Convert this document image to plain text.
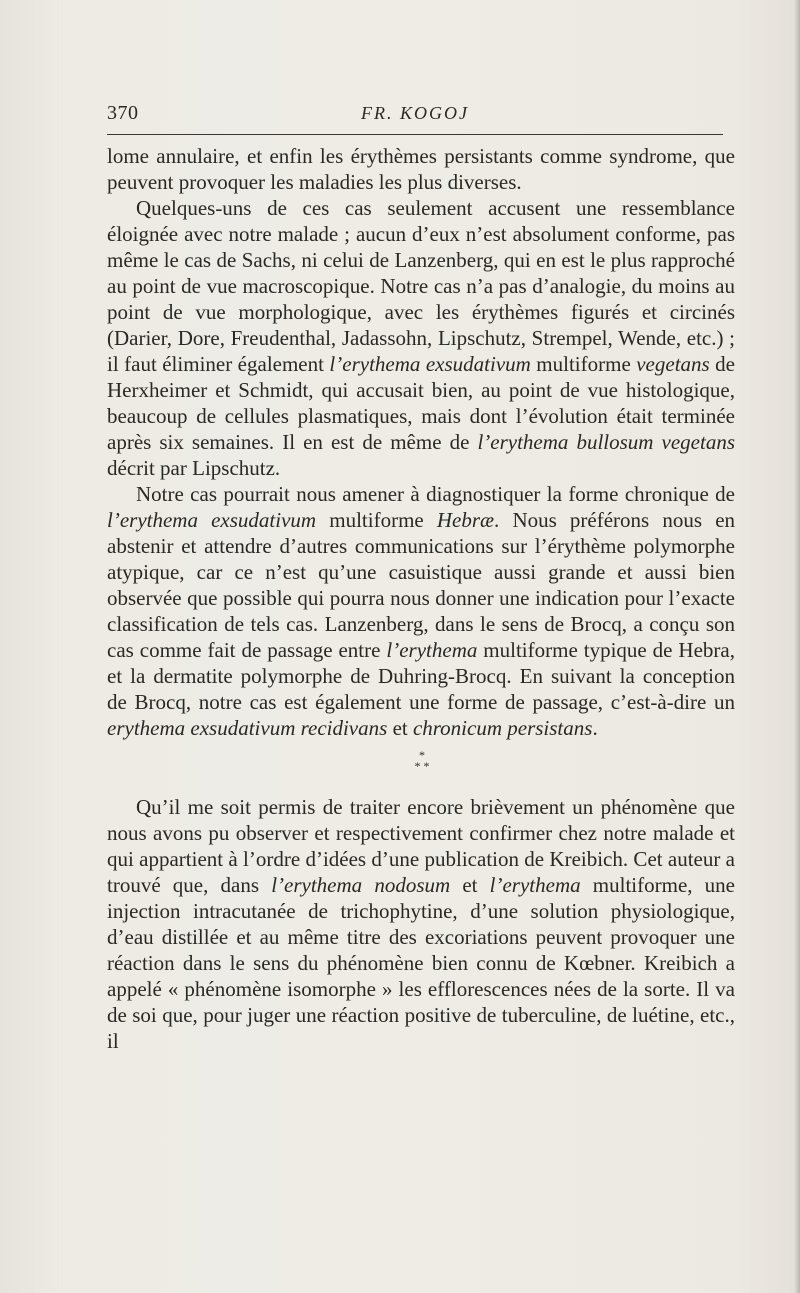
370	FR. KOGOJ

lome annulaire, et enfin les érythèmes persistants comme syndrome, que peuvent provoquer les maladies les plus diverses.

Quelques-uns de ces cas seulement accusent une ressemblance éloignée avec notre malade ; aucun d’eux n’est absolument conforme, pas même le cas de Sachs, ni celui de Lanzenberg, qui en est le plus rapproché au point de vue macroscopique. Notre cas n’a pas d’analogie, du moins au point de vue morphologique, avec les érythèmes figurés et circinés (Darier, Dore, Freudenthal, Jadassohn, Lipschutz, Strempel, Wende, etc.) ; il faut éliminer également l’erythema exsudativum multiforme vegetans de Herxheimer et Schmidt, qui accusait bien, au point de vue histologique, beaucoup de cellules plasmatiques, mais dont l’évolution était terminée après six semaines. Il en est de même de l’erythema bullosum vegetans décrit par Lipschutz.

Notre cas pourrait nous amener à diagnostiquer la forme chronique de l’erythema exsudativum multiforme Hebræ. Nous préférons nous en abstenir et attendre d’autres communications sur l’érythème polymorphe atypique, car ce n’est qu’une casuistique aussi grande et aussi bien observée que possible qui pourra nous donner une indication pour l’exacte classification de tels cas. Lanzenberg, dans le sens de Brocq, a conçu son cas comme fait de passage entre l’erythema multiforme typique de Hebra, et la dermatite polymorphe de Duhring-Brocq. En suivant la conception de Brocq, notre cas est également une forme de passage, c’est-à-dire un erythema exsudativum recidivans et chronicum persistans.

*
* *

Qu’il me soit permis de traiter encore brièvement un phénomène que nous avons pu observer et respectivement confirmer chez notre malade et qui appartient à l’ordre d’idées d’une publication de Kreibich. Cet auteur a trouvé que, dans l’erythema nodosum et l’erythema multiforme, une injection intracutanée de trichophytine, d’une solution physiologique, d’eau distillée et au même titre des excoriations peuvent provoquer une réaction dans le sens du phénomène bien connu de Kœbner. Kreibich a appelé « phénomène isomorphe » les efflorescences nées de la sorte. Il va de soi que, pour juger une réaction positive de tuberculine, de luétine, etc., il
